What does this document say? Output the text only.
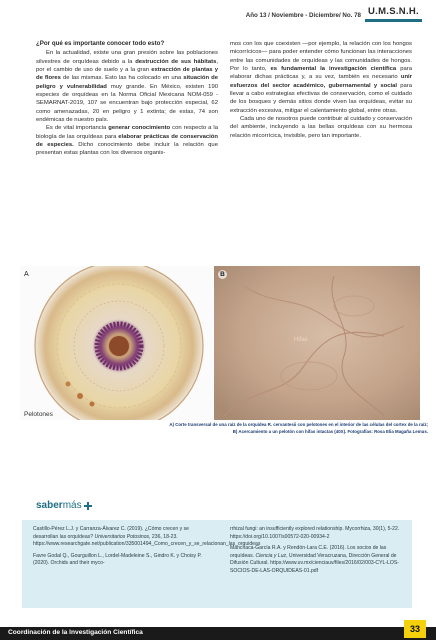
Año 13 / Noviembre - Diciembre/ No. 78 U.M.S.N.H.
¿Por qué es importante conocer todo esto?

En la actualidad, existe una gran presión sobre las poblaciones silvestres de orquídeas debido a la destrucción de sus hábitats, por el cambio de uso de suelo y a la gran extracción de plantas y de flores de las mismas. Esto las ha colocado en una situación de peligro y vulnerabilidad muy grande. En México, existen 190 especies de orquídeas en la Norma Oficial Mexicana NOM-059 -SEMARNAT-2019, 107 se encuentran bajo protección especial, 62 como amenazadas, 20 en peligro y 1 extinta; de estas, 74 son endémicas de nuestro país.

Es de vital importancia generar conocimiento con respecto a la biología de las orquídeas para elaborar prácticas de conservación de especies. Dicho conocimiento debe incluir la relación que presentan estas plantas con los diversos organis-

mos con los que coexisten —por ejemplo, la relación con los hongos micorrícicos— para poder entender cómo funcionan las interacciones entre las comunidades de orquídeas y las comunidades de hongos. Por lo tanto, es fundamental la investigación científica para elaborar dichas prácticas y, a su vez, también es necesario unir esfuerzos del sector académico, gubernamental y social para llevar a cabo estrategias efectivas de conservación, como el cuidado de los bosques y demás sitios donde viven las orquídeas, evitar su extracción excesiva, mitigar el calentamiento global, entre otras.

Cada uno de nosotros puede contribuir al cuidado y conservación del ambiente, incluyendo a las bellas orquídeas con su hermosa relación micorrícica, invisible, pero tan importante.

A
Pelotones
B
Hifas
A) Corte transversal de una raíz de la orquídea R. cervantesii con pelotones en el interior de las células del cortex de la raíz;
B) Acercamiento a un pelotón con hifas intactas (40X). Fotografías: Rosa Elia Magaña Lemus.
saber más

Castillo-Pérez L.J. y Carranza-Álvarez C. (2019). ¿Cómo crecen y se desarrollan las orquídeas? Universitarios Potosinos, 236, 18-23. https://www.researchgate.net/publication/335001494_Como_crecen_y_se_relacionan_las_orquideas

Favre Godal Q., Gourguillon L., Lordel-Madeleine S., Gindro K. y Choisy P. (2020). Orchids and their myco-

rrhizal fungi: an insufficiently explored relationship. Mycorrhiza, 30(1), 5-22. https://doi.org/10.1007/s00572-020-00934-2

Manchaca-García R.A. y Rendón-Lara C.E. (2016). Los socios de las orquídeas. Ciencia y Luz, Universidad Veracruzana, Dirección General de Difusión Cultural. https://www.uv.mx/cienciauv/files/2016/02/003-CYL-LOS-SOCIOS-DE-LAS-ORQUIDEAS-01.pdf

Coordinación de la Investigación Científica	33
